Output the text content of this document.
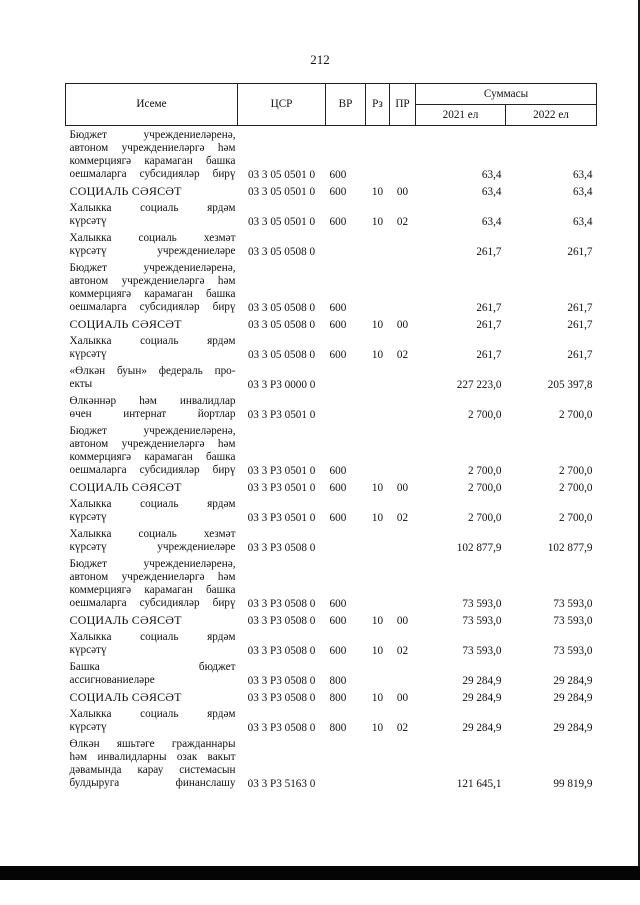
212
Исеме	ЦСР	ВР	Рз	ПР	Суммасы	
					2021 ел	2022 ел

Бюджет учреждениеләренә,
автоном учреждениеләргә һәм
коммерциягә карамаган башка
оешмаларга субсидияләр бирү	03 3 05 0501 0	600			63,4	63,4

СОЦИАЛЬ СӘЯСӘТ	03 3 05 0501 0	600	10	00	63,4	63,4

Халыкка социаль ярдәм
күрсәтү	03 3 05 0501 0	600	10	02	63,4	63,4

Халыкка социаль хезмәт
күрсәтү учреждениеләре	03 3 05 0508 0				261,7	261,7

Бюджет учреждениеләренә,
автоном учреждениеләргә һәм
коммерциягә карамаган башка
оешмаларга субсидияләр бирү	03 3 05 0508 0	600			261,7	261,7

СОЦИАЛЬ СӘЯСӘТ	03 3 05 0508 0	600	10	00	261,7	261,7

Халыкка социаль ярдәм
күрсәтү	03 3 05 0508 0	600	10	02	261,7	261,7

«Өлкән буын» федераль про-
екты	03 3 P3 0000 0				227 223,0	205 397,8

Өлкәннәр һәм инвалидлар
өчен интернат йортлар	03 3 P3 0501 0				2 700,0	2 700,0

Бюджет учреждениеләренә,
автоном учреждениеләргә һәм
коммерциягә карамаган башка
оешмаларга субсидияләр бирү	03 3 P3 0501 0	600			2 700,0	2 700,0

СОЦИАЛЬ СӘЯСӘТ	03 3 P3 0501 0	600	10	00	2 700,0	2 700,0

Халыкка социаль ярдәм
күрсәтү	03 3 P3 0501 0	600	10	02	2 700,0	2 700,0

Халыкка социаль хезмәт
күрсәтү учреждениеләре	03 3 P3 0508 0				102 877,9	102 877,9

Бюджет учреждениеләренә,
автоном учреждениеләргә һәм
коммерциягә карамаган башка
оешмаларга субсидияләр бирү	03 3 P3 0508 0	600			73 593,0	73 593,0

СОЦИАЛЬ СӘЯСӘТ	03 3 P3 0508 0	600	10	00	73 593,0	73 593,0

Халыкка социаль ярдәм
күрсәтү	03 3 P3 0508 0	600	10	02	73 593,0	73 593,0

Башка бюджет
ассигнованиеләре	03 3 P3 0508 0	800			29 284,9	29 284,9

СОЦИАЛЬ СӘЯСӘТ	03 3 P3 0508 0	800	10	00	29 284,9	29 284,9

Халыкка социаль ярдәм
күрсәтү	03 3 P3 0508 0	800	10	02	29 284,9	29 284,9

Өлкән яшьтәге гражданнары
һәм инвалидларны озак вакыт
дәвамында карау системасын
булдыруга финанслашу	03 3 P3 5163 0				121 645,1	99 819,9
